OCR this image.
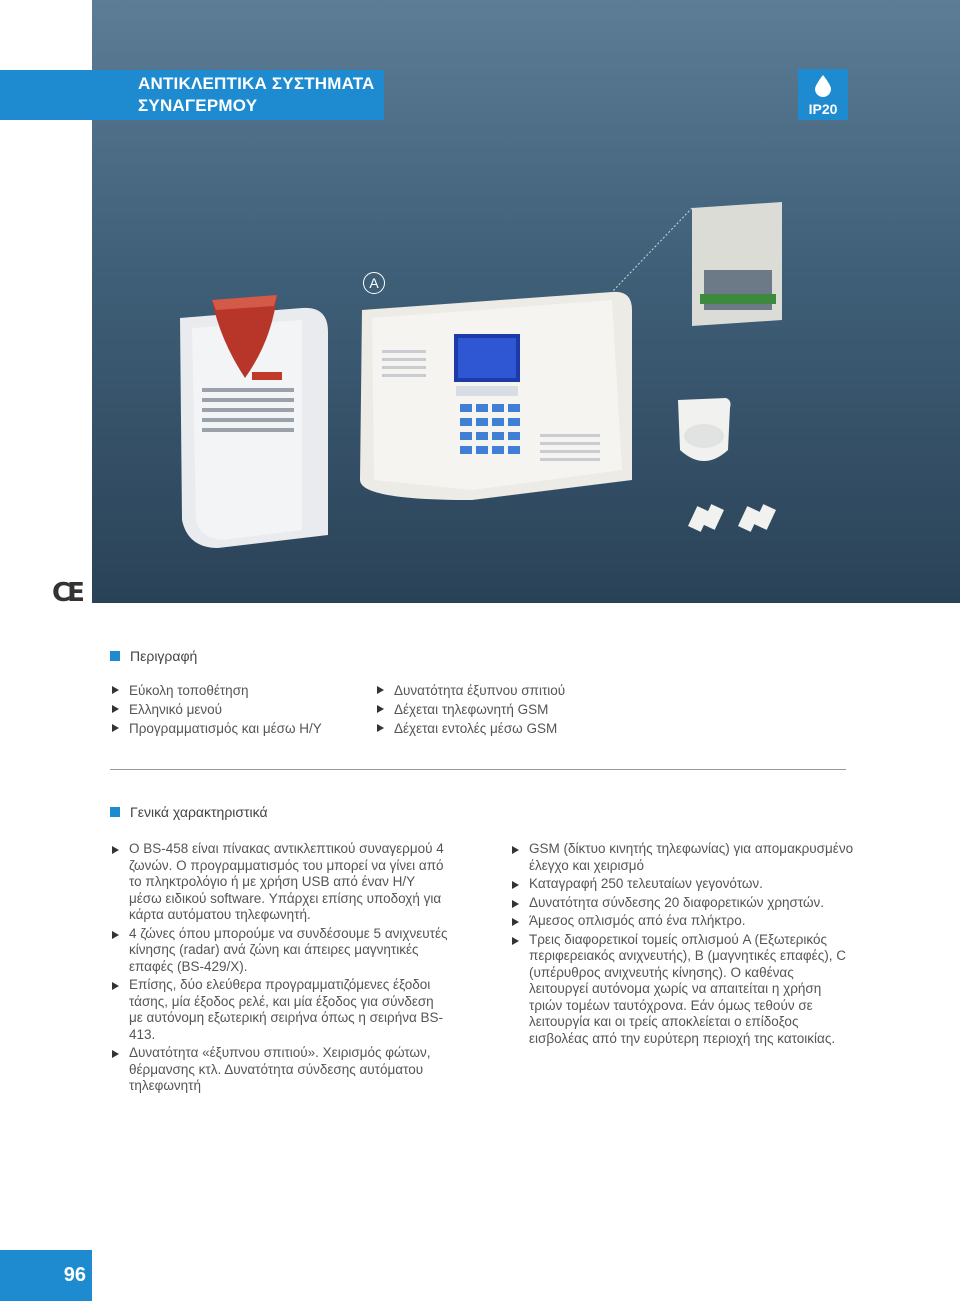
ΑΝΤΙΚΛΕΠΤΙΚΑ ΣΥΣΤΗΜΑΤΑ
ΣΥΝΑΓΕΡΜΟΥ	IP20
A
CE
Περιγραφή
Εύκολη τοποθέτηση
Ελληνικό μενού
Προγραμματισμός και μέσω Η/Υ
Δυνατότητα έξυπνου σπιτιού
Δέχεται τηλεφωνητή GSM
Δέχεται εντολές μέσω GSM
Γενικά χαρακτηριστικά
Ο BS-458 είναι πίνακας αντικλεπτικού συναγερμού 4 ζωνών. Ο προγραμματισμός του μπορεί να γίνει από το πληκτρολόγιο ή με χρήση USB από έναν Η/Υ μέσω ειδικού software. Υπάρχει επίσης υποδοχή για κάρτα αυτόματου τηλεφωνητή.
4 ζώνες όπου μπορούμε να συνδέσουμε 5 ανιχνευτές κίνησης (radar) ανά ζώνη και άπειρες μαγνητικές επαφές (BS-429/X).
Επίσης, δύο ελεύθερα προγραμματιζόμενες έξοδοι τάσης, μία έξοδος ρελέ, και μία έξοδος για σύνδεση με αυτόνομη εξωτερική σειρήνα όπως η σειρήνα BS-413.
Δυνατότητα «έξυπνου σπιτιού». Χειρισμός φώτων, θέρμανσης κτλ. Δυνατότητα σύνδεσης αυτόματου τηλεφωνητή
GSM (δίκτυο κινητής τηλεφωνίας) για απομακρυσμένο έλεγχο και χειρισμό
Καταγραφή 250 τελευταίων γεγονότων.
Δυνατότητα σύνδεσης 20 διαφορετικών χρηστών.
Άμεσος οπλισμός από ένα πλήκτρο.
Τρεις διαφορετικοί τομείς οπλισμού A (Εξωτερικός περιφερειακός ανιχνευτής), B (μαγνητικές επαφές), C (υπέρυθρος ανιχνευτής κίνησης). Ο καθένας λειτουργεί αυτόνομα χωρίς να απαιτείται η χρήση τριών τομέων ταυτόχρονα. Εάν όμως τεθούν σε λειτουργία και οι τρείς αποκλείεται ο επίδοξος εισβολέας από την ευρύτερη περιοχή της κατοικίας.
96
